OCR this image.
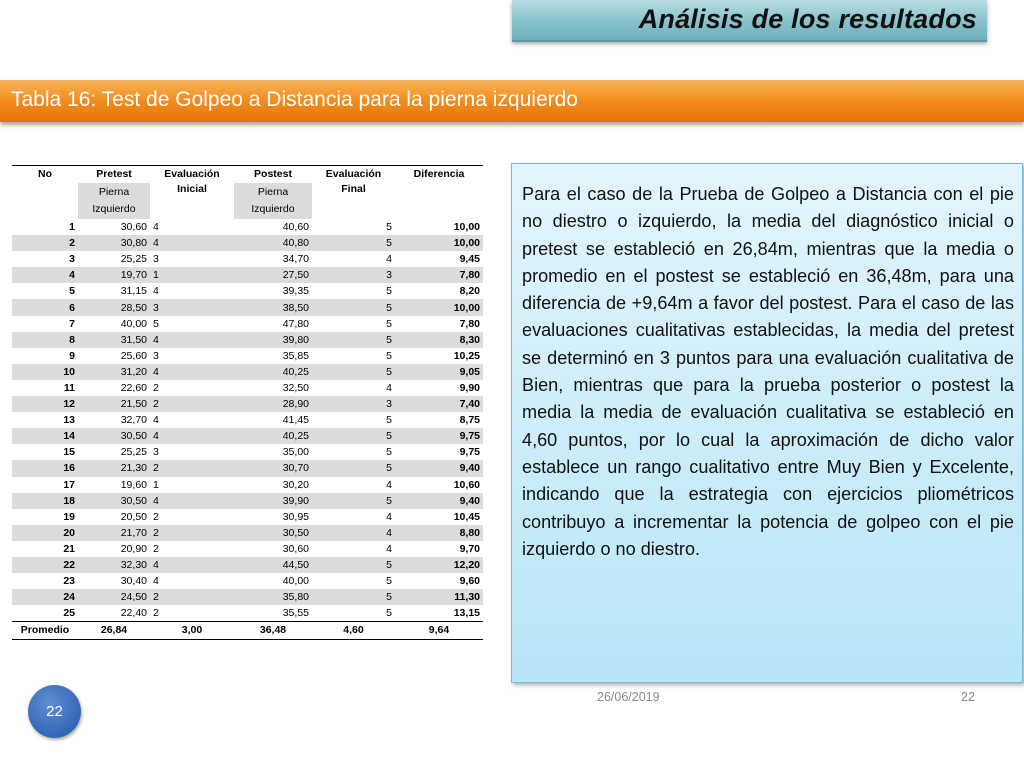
Análisis de los resultados
Tabla 16: Test de Golpeo a Distancia para la pierna izquierdo
No	Pretest	Evaluación Inicial	Postest	Evaluación Final	Diferencia
	Pierna Izquierdo		Pierna Izquierdo		
1	30,60	4	40,60	5	10,00
2	30,80	4	40,80	5	10,00
3	25,25	3	34,70	4	9,45
4	19,70	1	27,50	3	7,80
5	31,15	4	39,35	5	8,20
6	28,50	3	38,50	5	10,00
7	40,00	5	47,80	5	7,80
8	31,50	4	39,80	5	8,30
9	25,60	3	35,85	5	10,25
10	31,20	4	40,25	5	9,05
11	22,60	2	32,50	4	9,90
12	21,50	2	28,90	3	7,40
13	32,70	4	41,45	5	8,75
14	30,50	4	40,25	5	9,75
15	25,25	3	35,00	5	9,75
16	21,30	2	30,70	5	9,40
17	19,60	1	30,20	4	10,60
18	30,50	4	39,90	5	9,40
19	20,50	2	30,95	4	10,45
20	21,70	2	30,50	4	8,80
21	20,90	2	30,60	4	9,70
22	32,30	4	44,50	5	12,20
23	30,40	4	40,00	5	9,60
24	24,50	2	35,80	5	11,30
25	22,40	2	35,55	5	13,15
Promedio	26,84	3,00	36,48	4,60	9,64
Para el caso de la Prueba de Golpeo a Distancia con el pie no diestro o izquierdo, la media del diagnóstico inicial o pretest se estableció en 26,84m, mientras que la media o promedio en el postest se estableció en 36,48m, para una diferencia de +9,64m a favor del postest. Para el caso de las evaluaciones cualitativas establecidas, la media del pretest se determinó en 3 puntos para una evaluación cualitativa de Bien, mientras que para la prueba posterior o postest la media la media de evaluación cualitativa se estableció en 4,60 puntos, por lo cual la aproximación de dicho valor establece un rango cualitativo entre Muy Bien y Excelente, indicando que la estrategia con ejercicios pliométricos contribuyo a incrementar la potencia de golpeo con el pie izquierdo o no diestro.
26/06/2019	22
22
